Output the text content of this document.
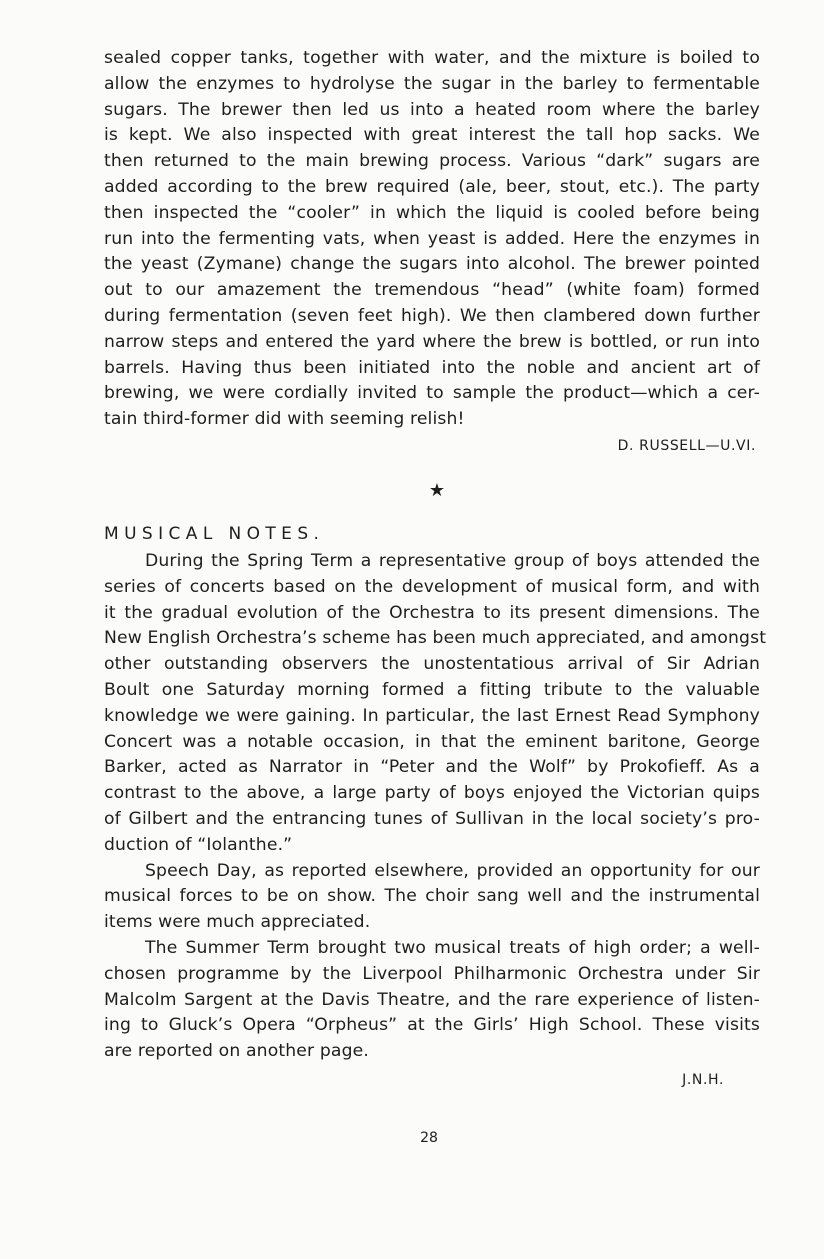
sealed copper tanks, together with water, and the mixture is boiled to
allow the enzymes to hydrolyse the sugar in the barley to fermentable
sugars. The brewer then led us into a heated room where the barley
is kept. We also inspected with great interest the tall hop sacks. We
then returned to the main brewing process. Various “dark” sugars are
added according to the brew required (ale, beer, stout, etc.). The party
then inspected the “cooler” in which the liquid is cooled before being
run into the fermenting vats, when yeast is added. Here the enzymes in
the yeast (Zymane) change the sugars into alcohol. The brewer pointed
out to our amazement the tremendous “head” (white foam) formed
during fermentation (seven feet high). We then clambered down further
narrow steps and entered the yard where the brew is bottled, or run into
barrels. Having thus been initiated into the noble and ancient art of
brewing, we were cordially invited to sample the product—which a cer-
tain third-former did with seeming relish!
D. RUSSELL—U.VI.
★
MUSICAL NOTES.
During the Spring Term a representative group of boys attended the
series of concerts based on the development of musical form, and with
it the gradual evolution of the Orchestra to its present dimensions. The
New English Orchestra’s scheme has been much appreciated, and amongst
other outstanding observers the unostentatious arrival of Sir Adrian
Boult one Saturday morning formed a fitting tribute to the valuable
knowledge we were gaining. In particular, the last Ernest Read Symphony
Concert was a notable occasion, in that the eminent baritone, George
Barker, acted as Narrator in “Peter and the Wolf” by Prokofieff. As a
contrast to the above, a large party of boys enjoyed the Victorian quips
of Gilbert and the entrancing tunes of Sullivan in the local society’s pro-
duction of “Iolanthe.”
Speech Day, as reported elsewhere, provided an opportunity for our
musical forces to be on show. The choir sang well and the instrumental
items were much appreciated.
The Summer Term brought two musical treats of high order; a well-
chosen programme by the Liverpool Philharmonic Orchestra under Sir
Malcolm Sargent at the Davis Theatre, and the rare experience of listen-
ing to Gluck’s Opera “Orpheus” at the Girls’ High School. These visits
are reported on another page.
J.N.H.
28
